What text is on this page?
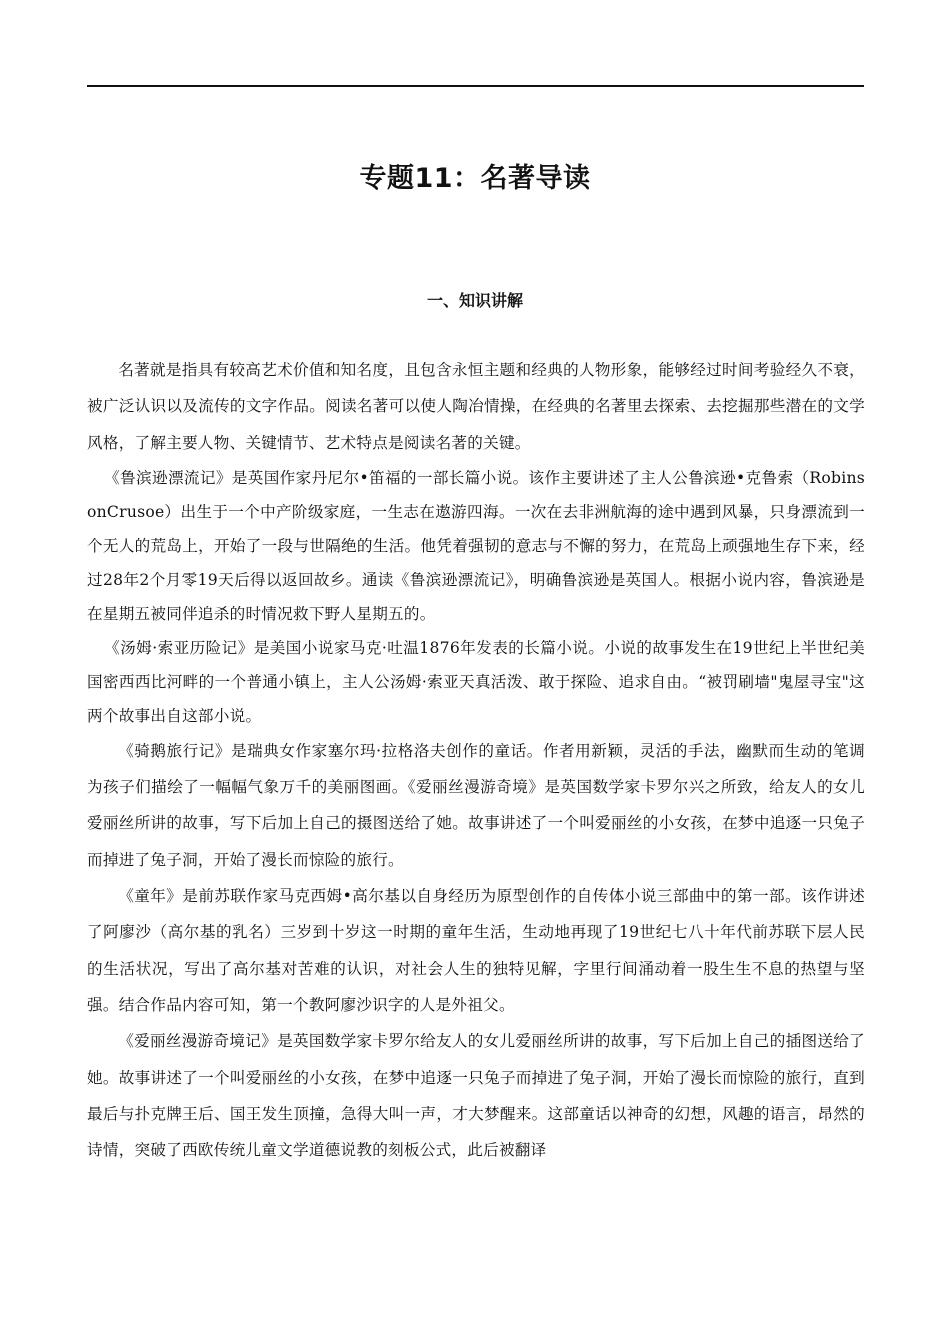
专题11：名著导读
一、知识讲解

名著就是指具有较高艺术价值和知名度，且包含永恒主题和经典的人物形象，能够经过时间考验经久不衰，被广泛认识以及流传的文字作品。阅读名著可以使人陶冶情操，在经典的名著里去探索、去挖掘那些潜在的文学风格，了解主要人物、关键情节、艺术特点是阅读名著的关键。

《鲁滨逊漂流记》是英国作家丹尼尔•笛福的一部长篇小说。该作主要讲述了主人公鲁滨逊•克鲁索（RobinsonCrusoe）出生于一个中产阶级家庭，一生志在遨游四海。一次在去非洲航海的途中遇到风暴，只身漂流到一个无人的荒岛上，开始了一段与世隔绝的生活。他凭着强韧的意志与不懈的努力，在荒岛上顽强地生存下来，经过28年2个月零19天后得以返回故乡。通读《鲁滨逊漂流记》，明确鲁滨逊是英国人。根据小说内容，鲁滨逊是在星期五被同伴追杀的时情况救下野人星期五的。

《汤姆·索亚历险记》是美国小说家马克·吐温1876年发表的长篇小说。小说的故事发生在19世纪上半世纪美国密西西比河畔的一个普通小镇上，主人公汤姆·索亚天真活泼、敢于探险、追求自由。“被罚刷墙"鬼屋寻宝"这两个故事出自这部小说。

《骑鹅旅行记》是瑞典女作家塞尔玛·拉格洛夫创作的童话。作者用新颖，灵活的手法，幽默而生动的笔调为孩子们描绘了一幅幅气象万千的美丽图画。《爱丽丝漫游奇境》是英国数学家卡罗尔兴之所致，给友人的女儿爱丽丝所讲的故事，写下后加上自己的摄图送给了她。故事讲述了一个叫爱丽丝的小女孩，在梦中追逐一只兔子而掉进了兔子洞，开始了漫长而惊险的旅行。

《童年》是前苏联作家马克西姆•高尔基以自身经历为原型创作的自传体小说三部曲中的第一部。该作讲述了阿廖沙（高尔基的乳名）三岁到十岁这一时期的童年生活，生动地再现了19世纪七八十年代前苏联下层人民的生活状况，写出了高尔基对苦难的认识，对社会人生的独特见解，字里行间涌动着一股生生不息的热望与坚强。结合作品内容可知，第一个教阿廖沙识字的人是外祖父。

《爱丽丝漫游奇境记》是英国数学家卡罗尔给友人的女儿爱丽丝所讲的故事，写下后加上自己的插图送给了她。故事讲述了一个叫爱丽丝的小女孩，在梦中追逐一只兔子而掉进了兔子洞，开始了漫长而惊险的旅行，直到最后与扑克牌王后、国王发生顶撞，急得大叫一声，才大梦醒来。这部童话以神奇的幻想，风趣的语言，昂然的诗情，突破了西欧传统儿童文学道德说教的刻板公式，此后被翻译
